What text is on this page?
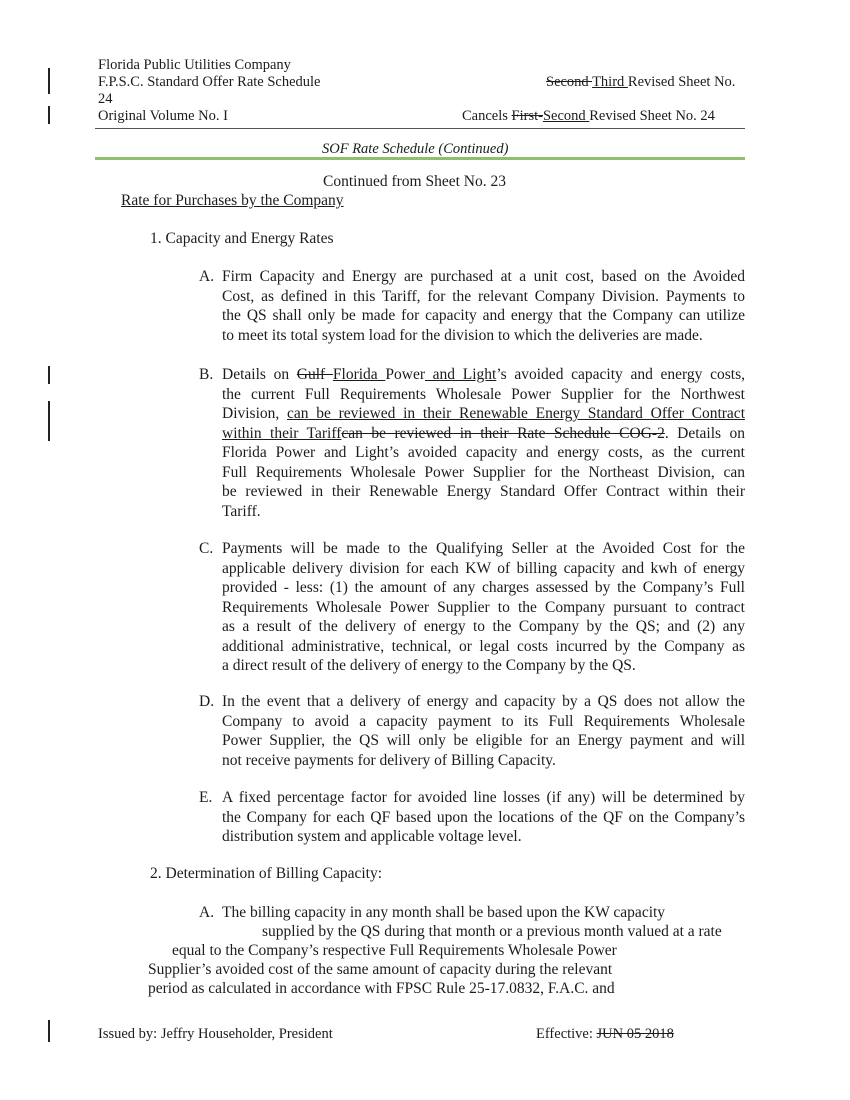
Florida Public Utilities Company
F.P.S.C. Standard Offer Rate Schedule
24
Original Volume No. I
Second Third Revised Sheet No.
Cancels First-Second Revised Sheet No. 24
SOF Rate Schedule (Continued)
Continued from Sheet No. 23
Rate for Purchases by the Company
1. Capacity and Energy Rates
A. Firm Capacity and Energy are purchased at a unit cost, based on the Avoided
Cost, as defined in this Tariff, for the relevant Company Division. Payments to
the QS shall only be made for capacity and energy that the Company can utilize
to meet its total system load for the division to which the deliveries are made.
B. Details on Gulf Florida Power and Light’s avoided capacity and energy costs,
the current Full Requirements Wholesale Power Supplier for the Northwest
Division, can be reviewed in their Renewable Energy Standard Offer Contract
within their Tariffcan be reviewed in their Rate Schedule COG-2. Details on
Florida Power and Light’s avoided capacity and energy costs, as the current
Full Requirements Wholesale Power Supplier for the Northeast Division, can
be reviewed in their Renewable Energy Standard Offer Contract within their
Tariff.
C. Payments will be made to the Qualifying Seller at the Avoided Cost for the
applicable delivery division for each KW of billing capacity and kwh of energy
provided - less: (1) the amount of any charges assessed by the Company’s Full
Requirements Wholesale Power Supplier to the Company pursuant to contract
as a result of the delivery of energy to the Company by the QS; and (2) any
additional administrative, technical, or legal costs incurred by the Company as
a direct result of the delivery of energy to the Company by the QS.
D. In the event that a delivery of energy and capacity by a QS does not allow the
Company to avoid a capacity payment to its Full Requirements Wholesale
Power Supplier, the QS will only be eligible for an Energy payment and will
not receive payments for delivery of Billing Capacity.
E. A fixed percentage factor for avoided line losses (if any) will be determined by
the Company for each QF based upon the locations of the QF on the Company’s
distribution system and applicable voltage level.
2. Determination of Billing Capacity:
A. The billing capacity in any month shall be based upon the KW capacity
supplied by the QS during that month or a previous month valued at a rate
equal to the Company’s respective Full Requirements Wholesale Power
Supplier’s avoided cost of the same amount of capacity during the relevant
period as calculated in accordance with FPSC Rule 25-17.0832, F.A.C. and
Issued by: Jeffry Householder, President	Effective: JUN 05 2018
